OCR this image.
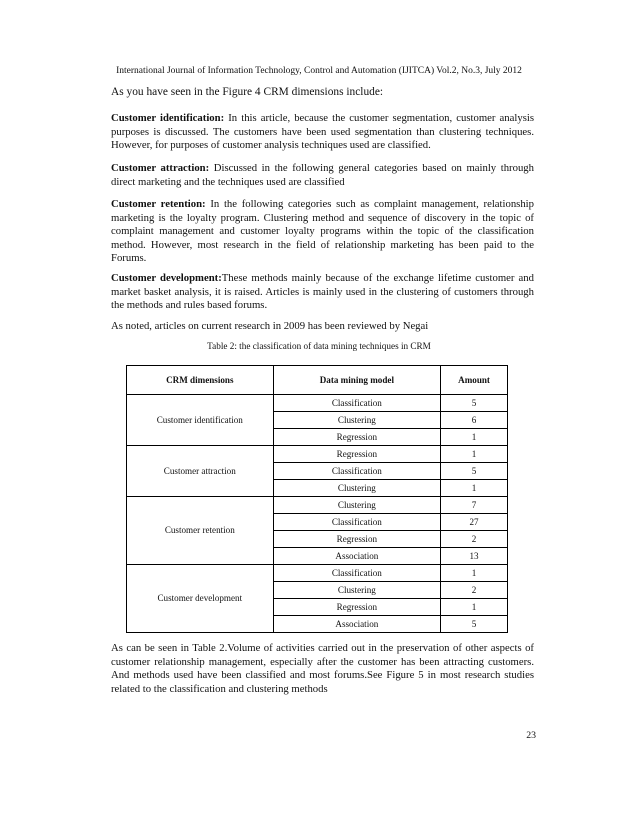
International Journal of Information Technology, Control and Automation (IJITCA) Vol.2, No.3, July 2012

As you have seen in the Figure 4 CRM dimensions include:

Customer identification: In this article, because the customer segmentation, customer analysis purposes is discussed. The customers have been used segmentation than clustering techniques. However, for purposes of customer analysis techniques used are classified.

Customer attraction: Discussed in the following general categories based on mainly through direct marketing and the techniques used are classified

Customer retention: In the following categories such as complaint management, relationship marketing is the loyalty program. Clustering method and sequence of discovery in the topic of complaint management and customer loyalty programs within the topic of the classification method. However, most research in the field of relationship marketing has been paid to the Forums.

Customer development:These methods mainly because of the exchange lifetime customer and market basket analysis, it is raised. Articles is mainly used in the clustering of customers through the methods and rules based forums.

As noted, articles on current research in 2009 has been reviewed by Negai

Table 2: the classification of data mining techniques in CRM
CRM dimensions	Data mining model	Amount
Customer identification	Classification	5
	Clustering	6
	Regression	1
Customer attraction	Regression	1
	Classification	5
	Clustering	1
Customer retention	Clustering	7
	Classification	27
	Regression	2
	Association	13
Customer development	Classification	1
	Clustering	2
	Regression	1
	Association	5

As can be seen in Table 2.Volume of activities carried out in the preservation of other aspects of customer relationship management, especially after the customer has been attracting customers. And methods used have been classified and most forums.See Figure 5 in most research studies related to the classification and clustering methods

23
